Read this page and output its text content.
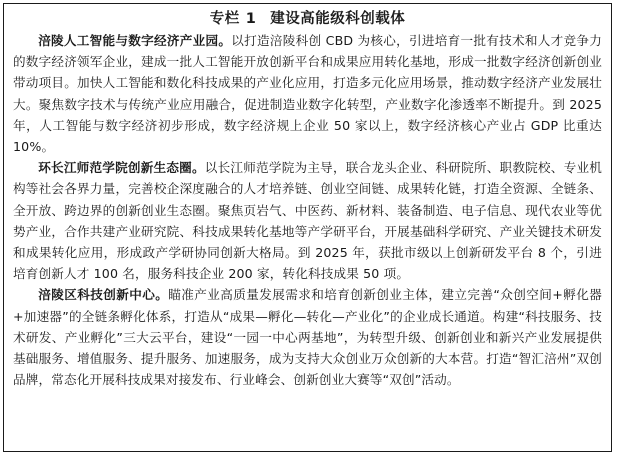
专栏 1 建设高能级科创载体

涪陵人工智能与数字经济产业园。以打造涪陵科创 CBD 为核心，引进培育一批有技术和人才竞争力的数字经济领军企业，建成一批人工智能开放创新平台和成果应用转化基地，形成一批数字经济创新创业带动项目。加快人工智能和数化科技成果的产业化应用，打造多元化应用场景，推动数字经济产业发展壮大。聚焦数字技术与传统产业应用融合，促进制造业数字化转型，产业数字化渗透率不断提升。到 2025 年，人工智能与数字经济初步形成，数字经济规上企业 50 家以上，数字经济核心产业占 GDP 比重达 10%。

环长江师范学院创新生态圈。以长江师范学院为主导，联合龙头企业、科研院所、职教院校、专业机构等社会各界力量，完善校企深度融合的人才培养链、创业空间链、成果转化链，打造全资源、全链条、全开放、跨边界的创新创业生态圈。聚焦页岩气、中医药、新材料、装备制造、电子信息、现代农业等优势产业，合作共建产业研究院、科技成果转化基地等产学研平台，开展基础科学研究、产业关键技术研发和成果转化应用，形成政产学研协同创新大格局。到 2025 年，获批市级以上创新研发平台 8 个，引进培育创新人才 100 名，服务科技企业 200 家，转化科技成果 50 项。

涪陵区科技创新中心。瞄准产业高质量发展需求和培育创新创业主体，建立完善“众创空间+孵化器+加速器”的全链条孵化体系，打造从“成果—孵化—转化—产业化”的企业成长通道。构建“科技服务、技术研发、产业孵化”三大云平台，建设“一园一中心两基地”，为转型升级、创新创业和新兴产业发展提供基础服务、增值服务、提升服务、加速服务，成为支持大众创业万众创新的大本营。打造“智汇涪州”双创品牌，常态化开展科技成果对接发布、行业峰会、创新创业大赛等“双创”活动。
